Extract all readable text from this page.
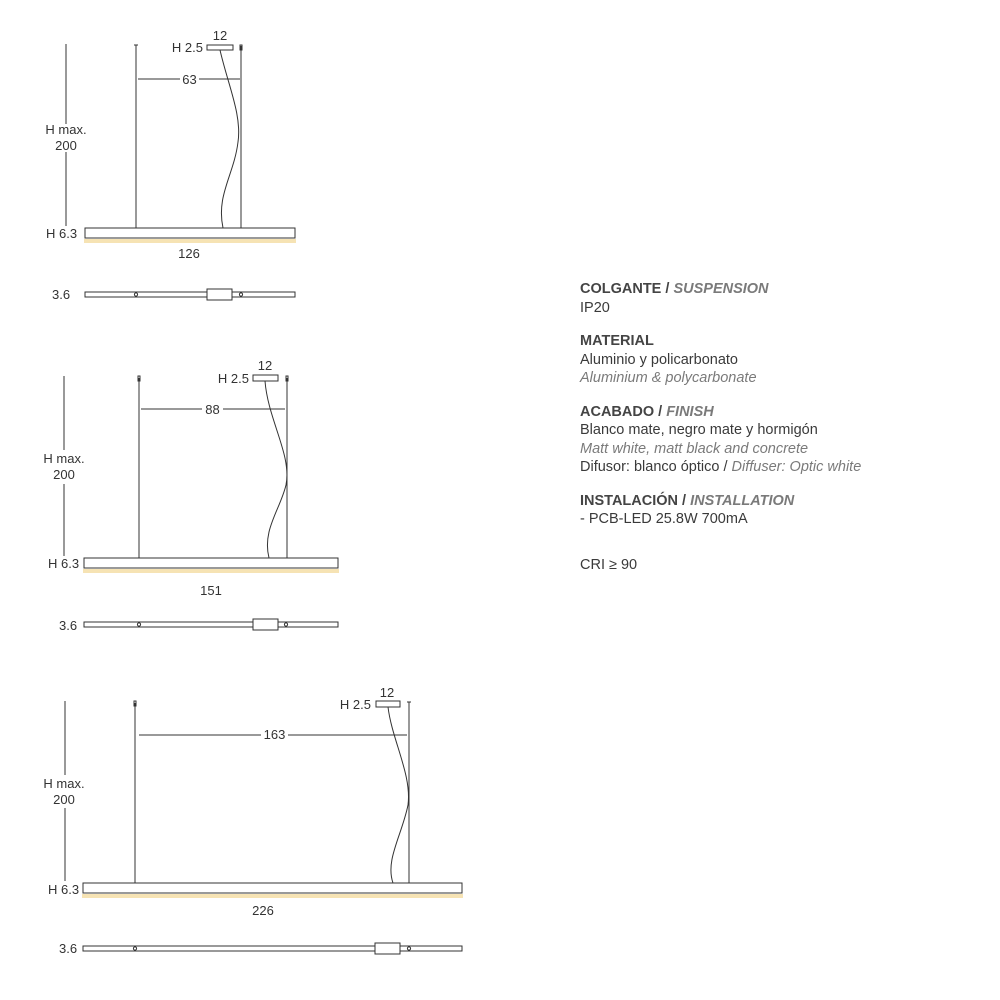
12
H 2.5
63
H max.
200
H 6.3
126
3.6
12
H 2.5
88
H max.
200
H 6.3
151
3.6
12
H 2.5
163
H max.
200
H 6.3
226
3.6
COLGANTE / SUSPENSION
IP20
MATERIAL
Aluminio y policarbonato
Aluminium & polycarbonate
ACABADO / FINISH
Blanco mate, negro mate y hormigón
Matt white, matt black and concrete
Difusor: blanco óptico / Diffuser: Optic white
INSTALACIÓN / INSTALLATION
- PCB-LED 25.8W 700mA
CRI ≥ 90
